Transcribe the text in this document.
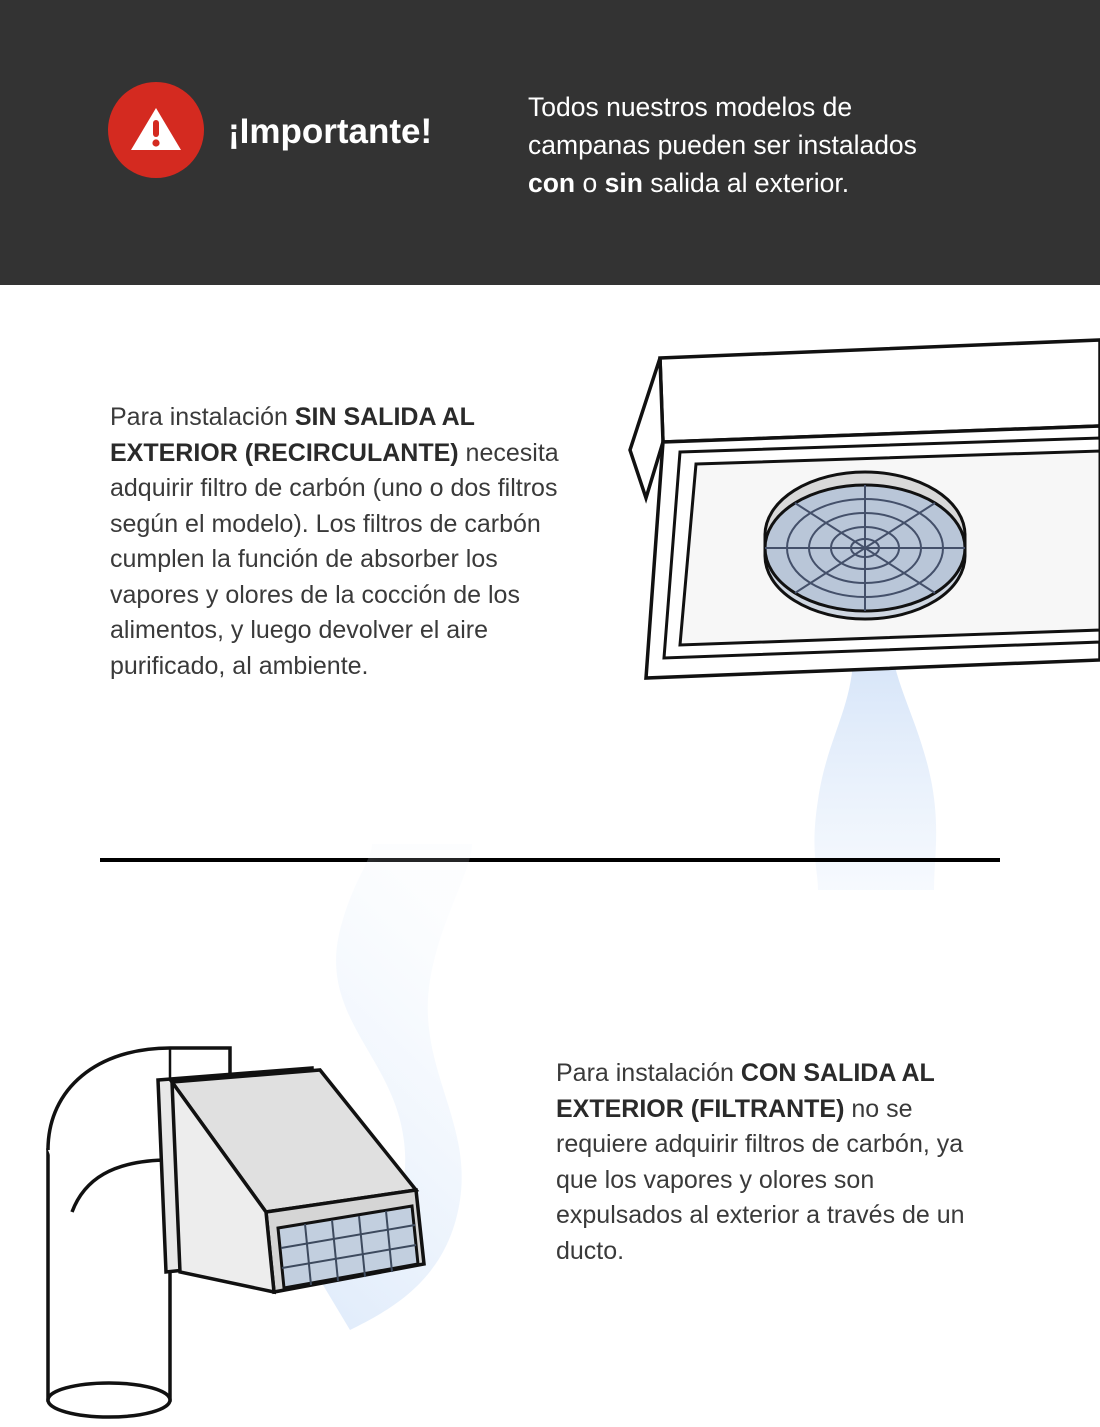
¡Importante!
Todos nuestros modelos de
campanas pueden ser instalados
con o sin salida al exterior.
Para instalación SIN SALIDA AL EXTERIOR (RECIRCULANTE) necesita adquirir filtro de carbón (uno o dos filtros según el modelo). Los filtros de carbón cumplen la función de absorber los vapores y olores de la cocción de los alimentos, y luego devolver el aire purificado, al ambiente.
Para instalación CON SALIDA AL EXTERIOR (FILTRANTE) no se requiere adquirir filtros de carbón, ya que los vapores y olores son expulsados al exterior a través de un ducto.
